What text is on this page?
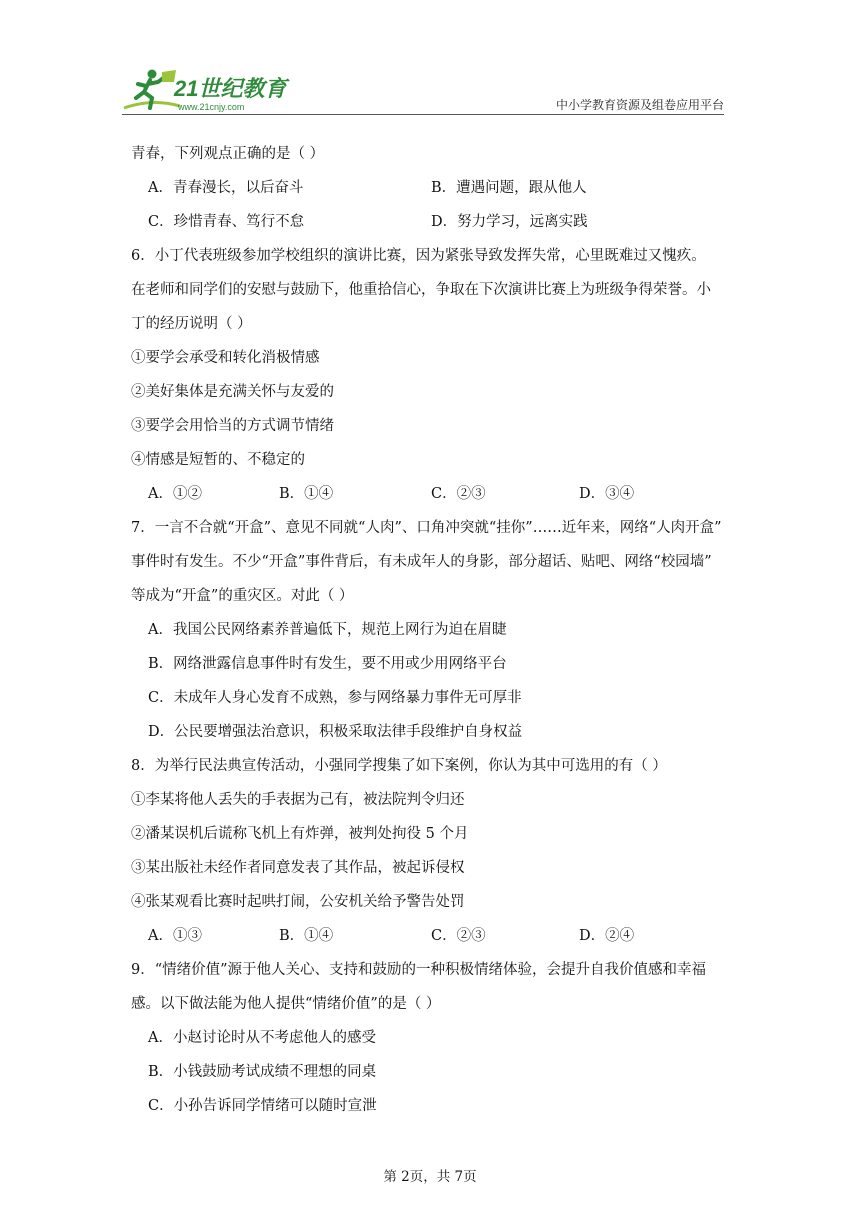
21世纪教育
www.21cnjy.com	中小学教育资源及组卷应用平台
青春，下列观点正确的是（ ）
A．青春漫长，以后奋斗	B．遭遇问题，跟从他人
C．珍惜青春、笃行不怠	D．努力学习，远离实践
6．小丁代表班级参加学校组织的演讲比赛，因为紧张导致发挥失常，心里既难过又愧疚。
在老师和同学们的安慰与鼓励下，他重拾信心，争取在下次演讲比赛上为班级争得荣誉。小
丁的经历说明（ ）
①要学会承受和转化消极情感
②美好集体是充满关怀与友爱的
③要学会用恰当的方式调节情绪
④情感是短暂的、不稳定的
A．①②	B．①④	C．②③	D．③④
7．一言不合就“开盒”、意见不同就“人肉”、口角冲突就“挂你”……近年来，网络“人肉开盒”
事件时有发生。不少“开盒”事件背后，有未成年人的身影，部分超话、贴吧、网络“校园墙”
等成为“开盒”的重灾区。对此（ ）
A．我国公民网络素养普遍低下，规范上网行为迫在眉睫
B．网络泄露信息事件时有发生，要不用或少用网络平台
C．未成年人身心发育不成熟，参与网络暴力事件无可厚非
D．公民要增强法治意识，积极采取法律手段维护自身权益
8．为举行民法典宣传活动，小强同学搜集了如下案例，你认为其中可选用的有（ ）
①李某将他人丢失的手表据为己有，被法院判令归还
②潘某误机后谎称飞机上有炸弹，被判处拘役 5 个月
③某出版社未经作者同意发表了其作品，被起诉侵权
④张某观看比赛时起哄打闹，公安机关给予警告处罚
A．①③	B．①④	C．②③	D．②④
9．“情绪价值”源于他人关心、支持和鼓励的一种积极情绪体验，会提升自我价值感和幸福
感。以下做法能为他人提供“情绪价值”的是（ ）
A．小赵讨论时从不考虑他人的感受
B．小钱鼓励考试成绩不理想的同桌
C．小孙告诉同学情绪可以随时宣泄
第 2页，共 7页
